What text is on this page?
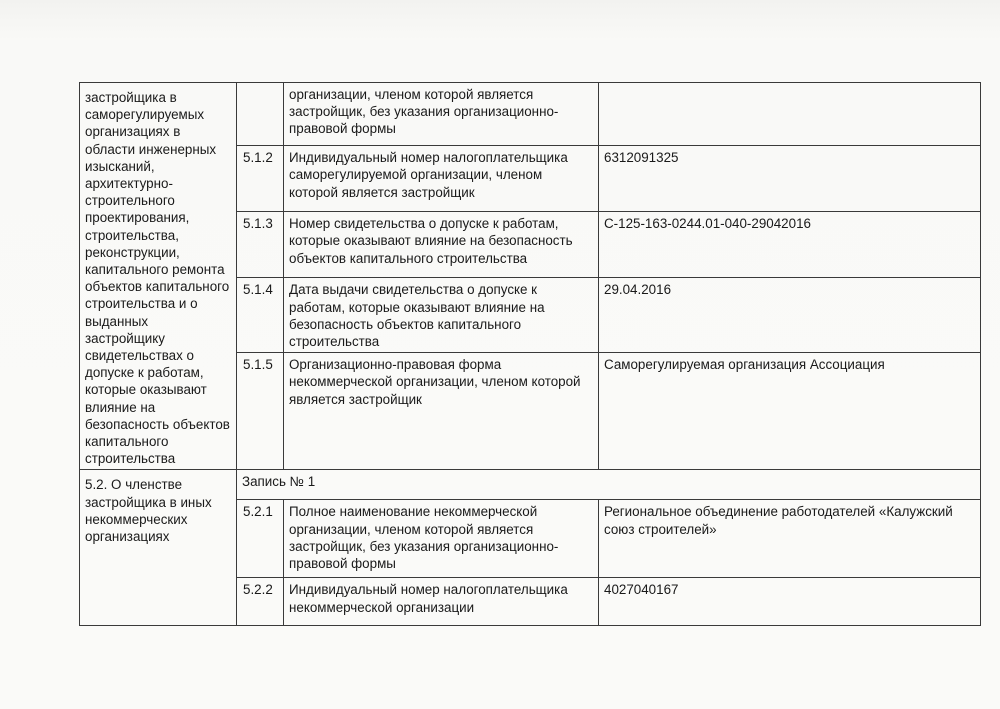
застройщика в саморегулируемых организациях в области инженерных изысканий, архитектурно-строительного проектирования, строительства, реконструкции, капитального ремонта объектов капитального строительства и о выданных застройщику свидетельствах о допуске к работам, которые оказывают влияние на безопасность объектов капитального строительства		организации, членом которой является застройщик, без указания организационно-правовой формы	
	5.1.2	Индивидуальный номер налогоплательщика саморегулируемой организации, членом которой является застройщик	6312091325
	5.1.3	Номер свидетельства о допуске к работам, которые оказывают влияние на безопасность объектов капитального строительства	С-125-163-0244.01-040-29042016
	5.1.4	Дата выдачи свидетельства о допуске к работам, которые оказывают влияние на безопасность объектов капитального строительства	29.04.2016
	5.1.5	Организационно-правовая форма некоммерческой организации, членом которой является застройщик	Саморегулируемая организация Ассоциация
5.2. О членстве застройщика в иных некоммерческих организациях	Запись № 1		
	5.2.1	Полное наименование некоммерческой организации, членом которой является застройщик, без указания организационно-правовой формы	Региональное объединение работодателей «Калужский союз строителей»
	5.2.2	Индивидуальный номер налогоплательщика некоммерческой организации	4027040167
